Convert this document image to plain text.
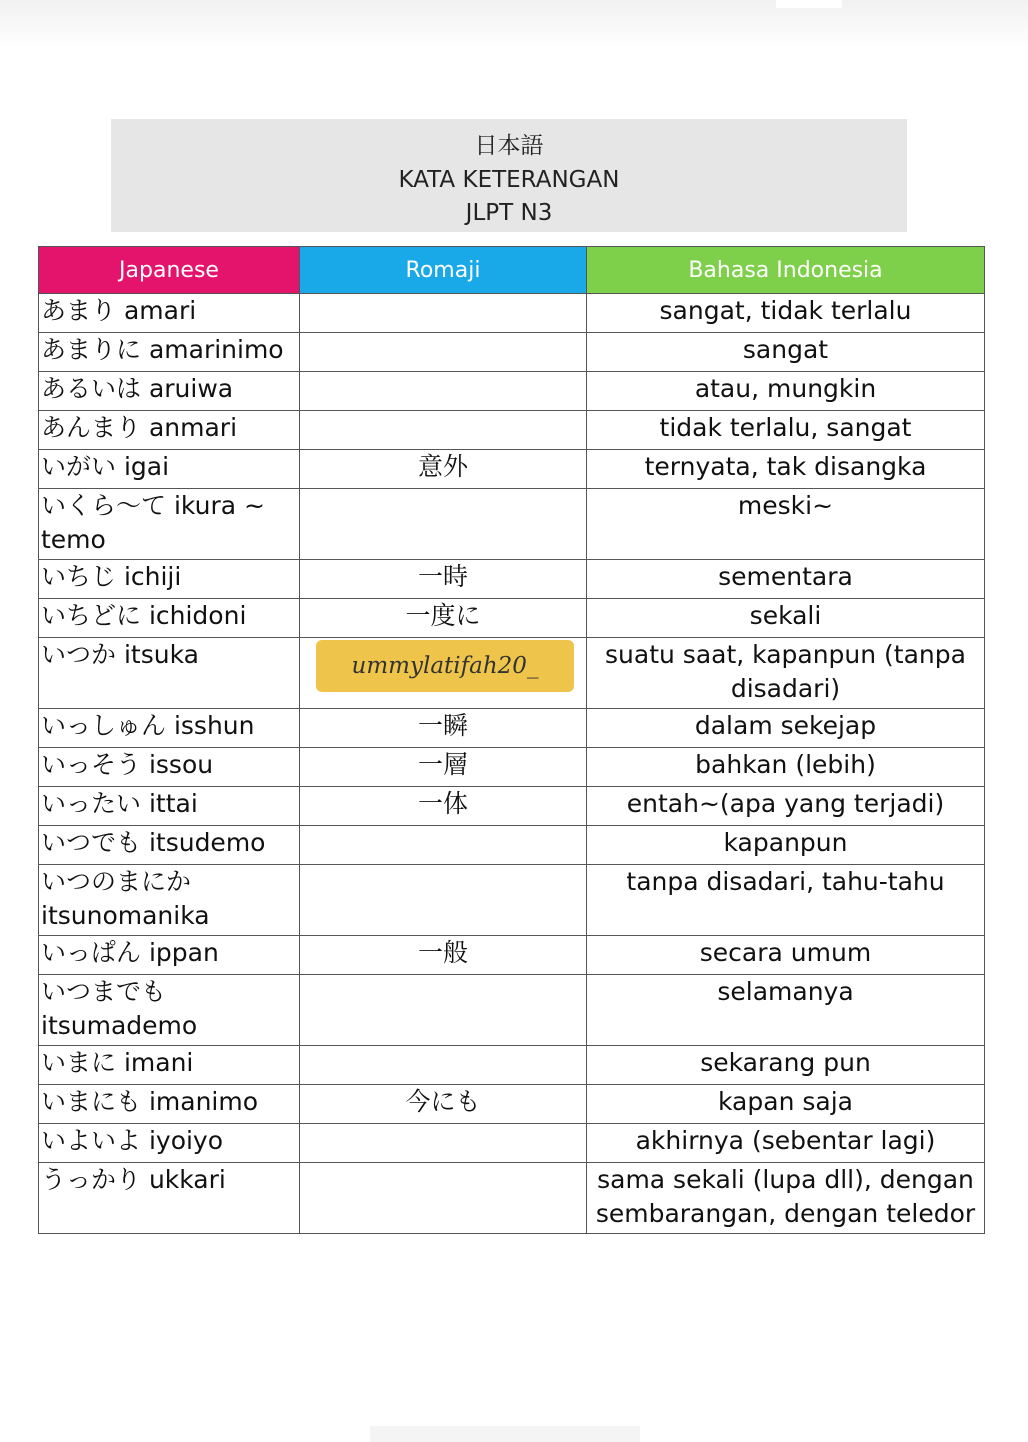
日本語
KATA KETERANGAN
JLPT N3
Japanese	Romaji	Bahasa Indonesia
あまり amari		sangat, tidak terlalu
あまりに amarinimo		sangat
あるいは aruiwa		atau, mungkin
あんまり anmari		tidak terlalu, sangat
いがい igai	意外	ternyata, tak disangka
いくら～て ikura ~ temo		meski~
いちじ ichiji	一時	sementara
いちどに ichidoni	一度に	sekali
いつか itsuka	ummylatifah20_	suatu saat, kapanpun (tanpa disadari)
いっしゅん isshun	一瞬	dalam sekejap
いっそう issou	一層	bahkan (lebih)
いったい ittai	一体	entah~(apa yang terjadi)
いつでも itsudemo		kapanpun
いつのまにか itsunomanika		tanpa disadari, tahu-tahu
いっぱん ippan	一般	secara umum
いつまでも itsumademo		selamanya
いまに imani		sekarang pun
いまにも imanimo	今にも	kapan saja
いよいよ iyoiyo		akhirnya (sebentar lagi)
うっかり ukkari		sama sekali (lupa dll), dengan sembarangan, dengan teledor
